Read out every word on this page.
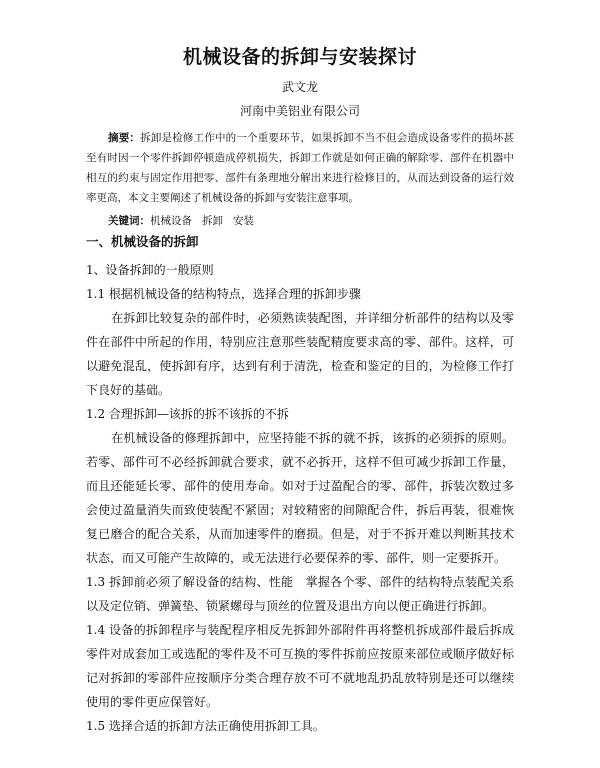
机械设备的拆卸与安装探讨
武文龙
河南中美铝业有限公司

摘要：拆卸是检修工作中的一个重要环节，如果拆卸不当不但会造成设备零件的损坏甚至有时因一个零件拆卸停顿造成停机损失，拆卸工作就是如何正确的解除零、部件在机器中相互的约束与固定作用把零、部件有条理地分解出来进行检修目的，从而达到设备的运行效率更高，本文主要阐述了机械设备的拆卸与安装注意事项。

关键词：机械设备 拆卸 安装

一、机械设备的拆卸
1、设备拆卸的一般原则

1.1 根据机械设备的结构特点，选择合理的拆卸步骤

在拆卸比较复杂的部件时，必须熟读装配图，并详细分析部件的结构以及零件在部件中所起的作用，特别应注意那些装配精度要求高的零、部件。这样，可以避免混乱，使拆卸有序，达到有利于清洗，检查和鉴定的目的，为检修工作打下良好的基础。

1.2 合理拆卸—该拆的拆不该拆的不拆

在机械设备的修理拆卸中，应坚持能不拆的就不拆，该拆的必须拆的原则。若零、部件可不必经拆卸就合要求，就不必拆开，这样不但可减少拆卸工作量，而且还能延长零、部件的使用寿命。如对于过盈配合的零、部件，拆装次数过多会使过盈量消失而致使装配不紧固；对较精密的间隙配合件，拆后再装，很难恢复已磨合的配合关系，从而加速零件的磨损。但是，对于不拆开难以判断其技术状态，而又可能产生故障的，或无法进行必要保养的零、部件，则一定要拆开。

1.3 拆卸前必须了解设备的结构、性能　掌握各个零、部件的结构特点装配关系以及定位销、弹簧垫、锁紧螺母与顶丝的位置及退出方向以便正确进行拆卸。

1.4 设备的拆卸程序与装配程序相反先拆卸外部附件再将整机拆成部件最后拆成零件对成套加工或选配的零件及不可互换的零件拆前应按原来部位或顺序做好标记对拆卸的零部件应按顺序分类合理存放不可不就地乱扔乱放特别是还可以继续使用的零件更应保管好。

1.5 选择合适的拆卸方法正确使用拆卸工具。
